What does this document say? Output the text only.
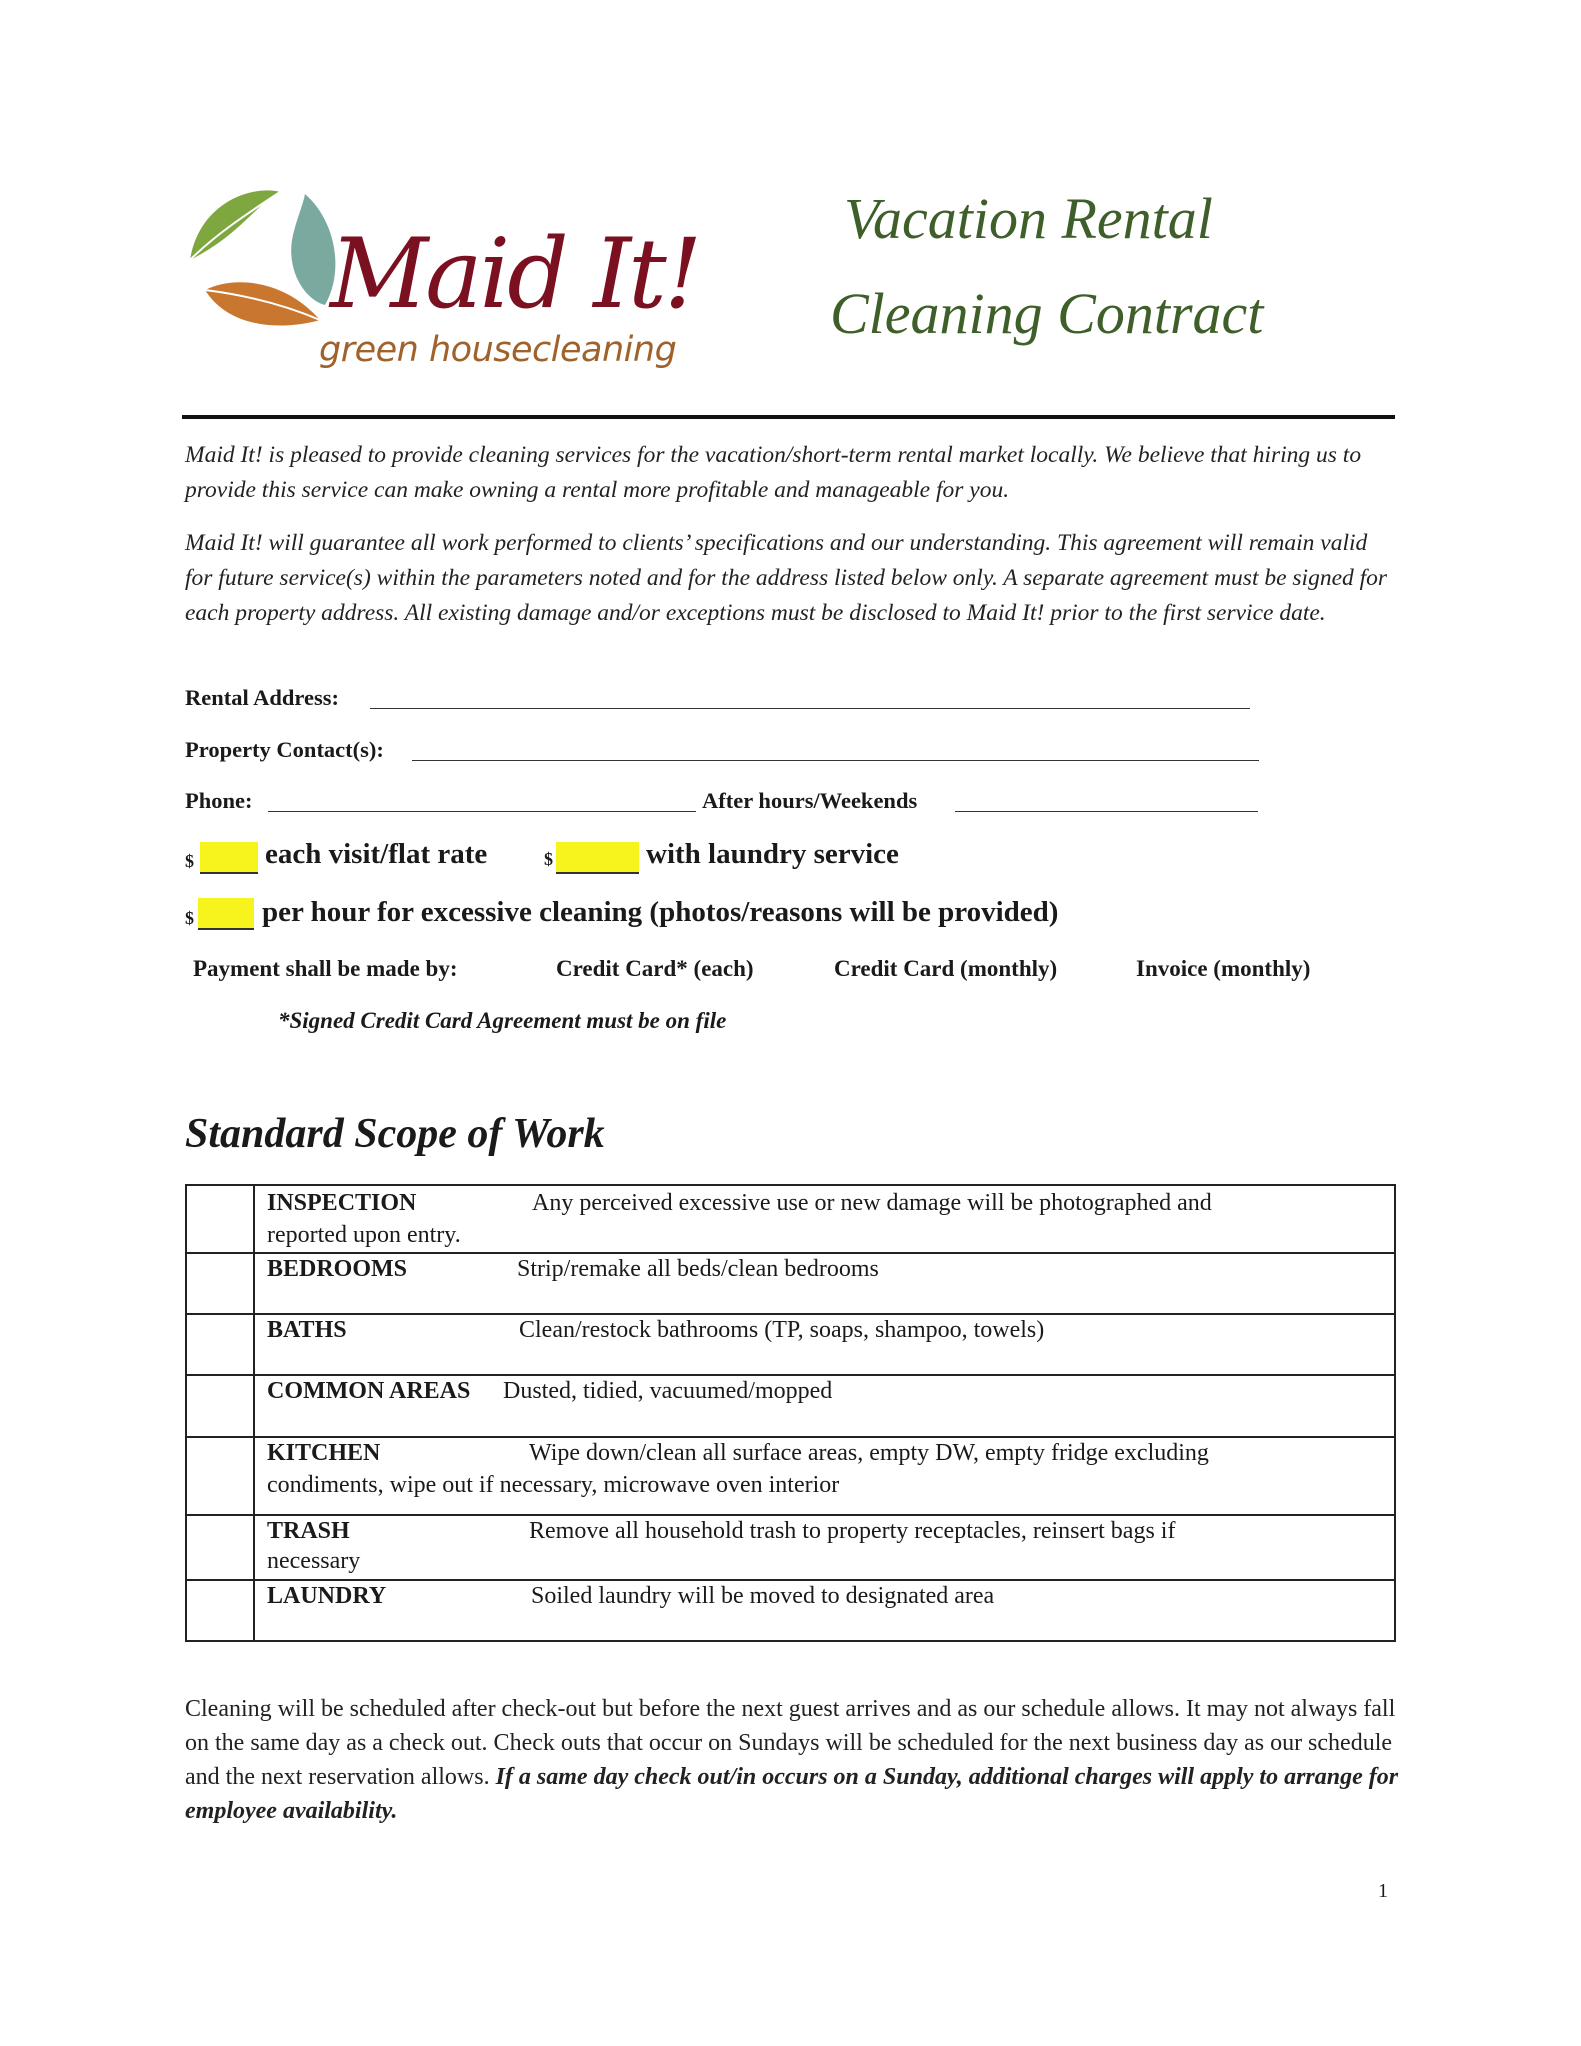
Maid It!
green housecleaning
Vacation Rental
Cleaning Contract
Maid It! is pleased to provide cleaning services for the vacation/short-term rental market locally. We believe that hiring us to provide this service can make owning a rental more profitable and manageable for you.
Maid It! will guarantee all work performed to clients’ specifications and our understanding. This agreement will remain valid for future service(s) within the parameters noted and for the address listed below only. A separate agreement must be signed for each property address. All existing damage and/or exceptions must be disclosed to Maid It! prior to the first service date.
Rental Address:
Property Contact(s):
Phone:	After hours/Weekends
$ each visit/flat rate	$	with laundry service
$ per hour for excessive cleaning (photos/reasons will be provided)
Payment shall be made by:	Credit Card* (each)	Credit Card (monthly)	Invoice (monthly)
*Signed Credit Card Agreement must be on file
Standard Scope of Work
INSPECTION	Any perceived excessive use or new damage will be photographed and
reported upon entry.
BEDROOMS	Strip/remake all beds/clean bedrooms
BATHS	Clean/restock bathrooms (TP, soaps, shampoo, towels)
COMMON AREAS Dusted, tidied, vacuumed/mopped
KITCHEN	Wipe down/clean all surface areas, empty DW, empty fridge excluding
condiments, wipe out if necessary, microwave oven interior
TRASH	Remove all household trash to property receptacles, reinsert bags if
necessary
LAUNDRY	Soiled laundry will be moved to designated area
Cleaning will be scheduled after check-out but before the next guest arrives and as our schedule allows. It may not always fall on the same day as a check out. Check outs that occur on Sundays will be scheduled for the next business day as our schedule and the next reservation allows. If a same day check out/in occurs on a Sunday, additional charges will apply to arrange for employee availability.
1
